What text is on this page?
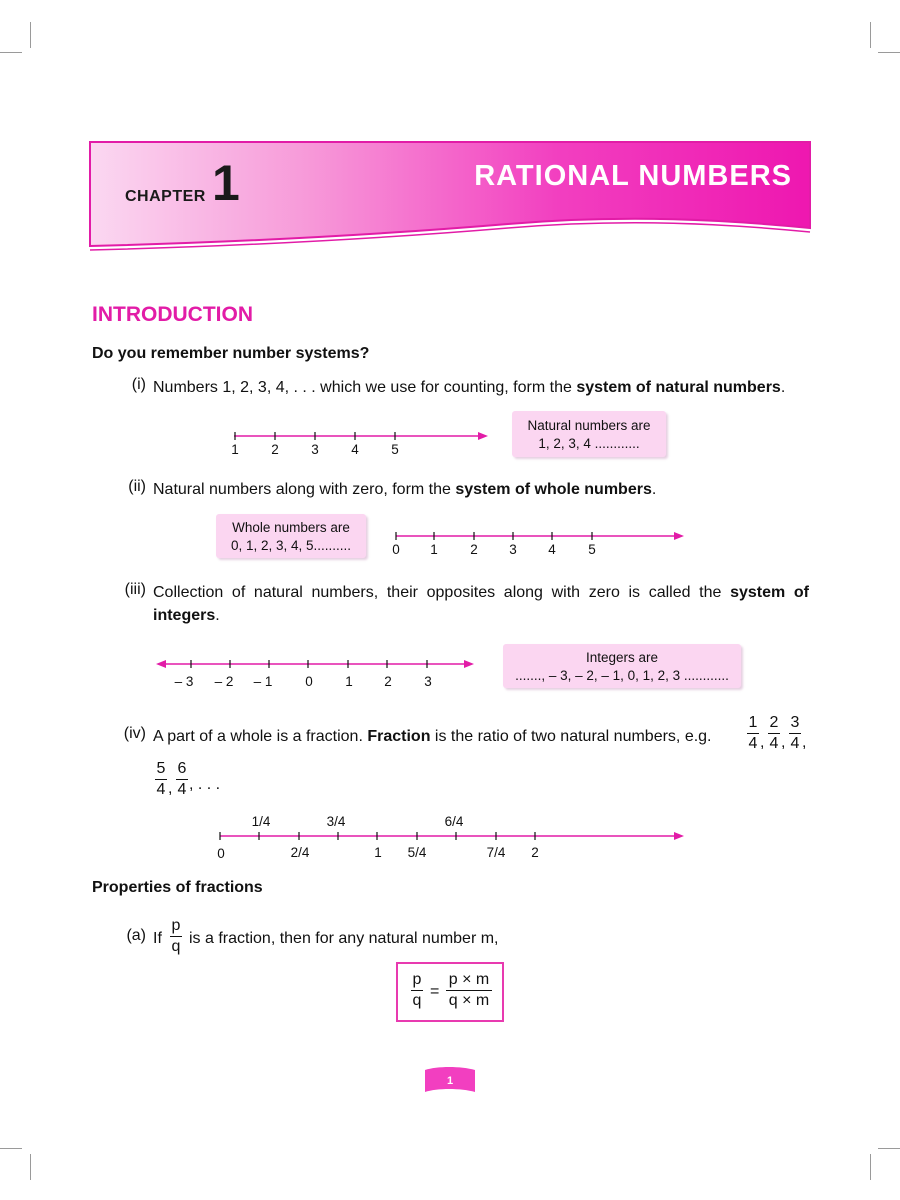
CHAPTER 1	RATIONAL NUMBERS
INTRODUCTION
Do you remember number systems?
(i) Numbers 1, 2, 3, 4, . . . which we use for counting, form the system of natural numbers.
1 2 3 4 5
Natural numbers are
1, 2, 3, 4 ............
(ii) Natural numbers along with zero, form the system of whole numbers.
Whole numbers are
0, 1, 2, 3, 4, 5..........	0 1 2 3 4 5
(iii) Collection of natural numbers, their opposites along with zero is called the system of
integers.
– 3 – 2 – 1 0 1 2 3
Integers are
......., – 3, – 2, – 1, 0, 1, 2, 3 ............
(iv) A part of a whole is a fraction. Fraction is the ratio of two natural numbers, e.g.
1
4 ,
2
4 ,
3
4 ,
5
4 ,
6
4 , . . .
1/4	3/4	6/4
0	2/4	1 5/4	7/4 2
Properties of fractions
(a) If
p
q is a fraction, then for any natural number m,
p
q
=
p × m
q × m
1
